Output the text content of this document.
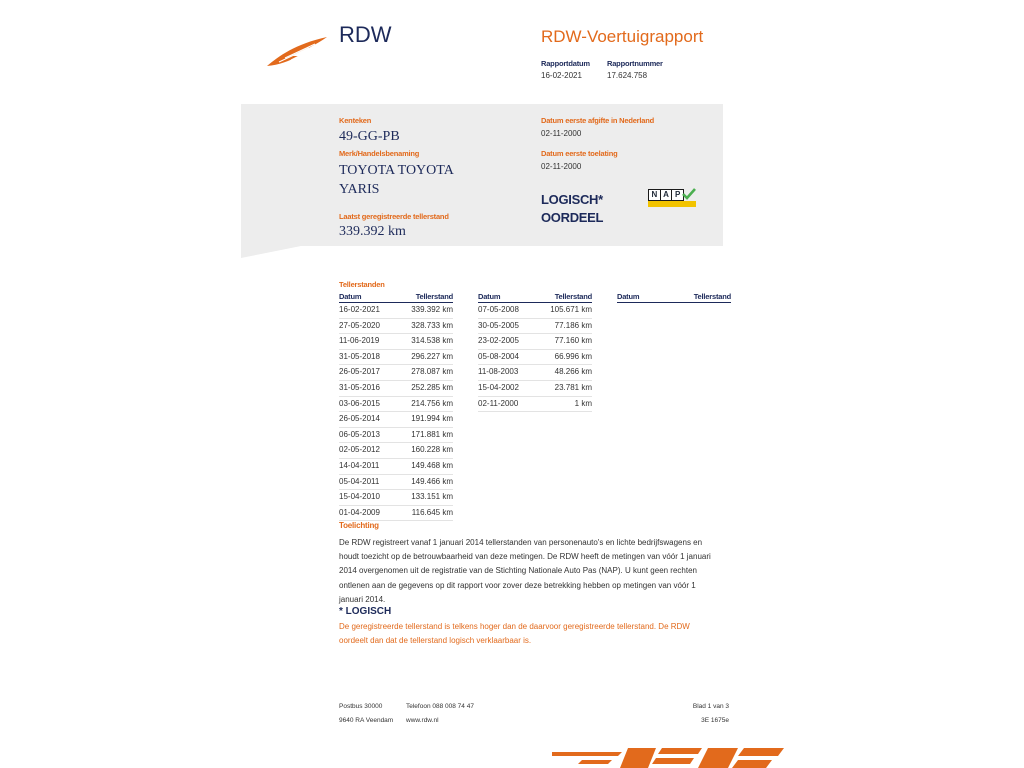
RDW	RDW-Voertuigrapport
Rapportdatum
16-02-2021
Rapportnummer
17.624.758
Kenteken
49-GG-PB
Merk/Handelsbenaming
TOYOTA TOYOTA
YARIS
Laatst geregistreerde tellerstand
339.392 km
Datum eerste afgifte in Nederland
02-11-2000
Datum eerste toelating
02-11-2000
LOGISCH*
OORDEEL
N A P
Tellerstanden
Datum	Tellerstand
16-02-2021	339.392 km
27-05-2020	328.733 km
11-06-2019	314.538 km
31-05-2018	296.227 km
26-05-2017	278.087 km
31-05-2016	252.285 km
03-06-2015	214.756 km
26-05-2014	191.994 km
06-05-2013	171.881 km
02-05-2012	160.228 km
14-04-2011	149.468 km
05-04-2011	149.466 km
15-04-2010	133.151 km
01-04-2009	116.645 km
Datum	Tellerstand
07-05-2008	105.671 km
30-05-2005	77.186 km
23-02-2005	77.160 km
05-08-2004	66.996 km
11-08-2003	48.266 km
15-04-2002	23.781 km
02-11-2000	1 km
Datum	Tellerstand
Toelichting
De RDW registreert vanaf 1 januari 2014 tellerstanden van personenauto's en lichte bedrijfswagens en
houdt toezicht op de betrouwbaarheid van deze metingen. De RDW heeft de metingen van vóór 1 januari
2014 overgenomen uit de registratie van de Stichting Nationale Auto Pas (NAP). U kunt geen rechten
ontlenen aan de gegevens op dit rapport voor zover deze betrekking hebben op metingen van vóór 1
januari 2014.
* LOGISCH
De geregistreerde tellerstand is telkens hoger dan de daarvoor geregistreerde tellerstand. De RDW
oordeelt dan dat de tellerstand logisch verklaarbaar is.
Postbus 30000
9640 RA Veendam
Telefoon 088 008 74 47
www.rdw.nl
Blad 1 van 3
3E 1675e
